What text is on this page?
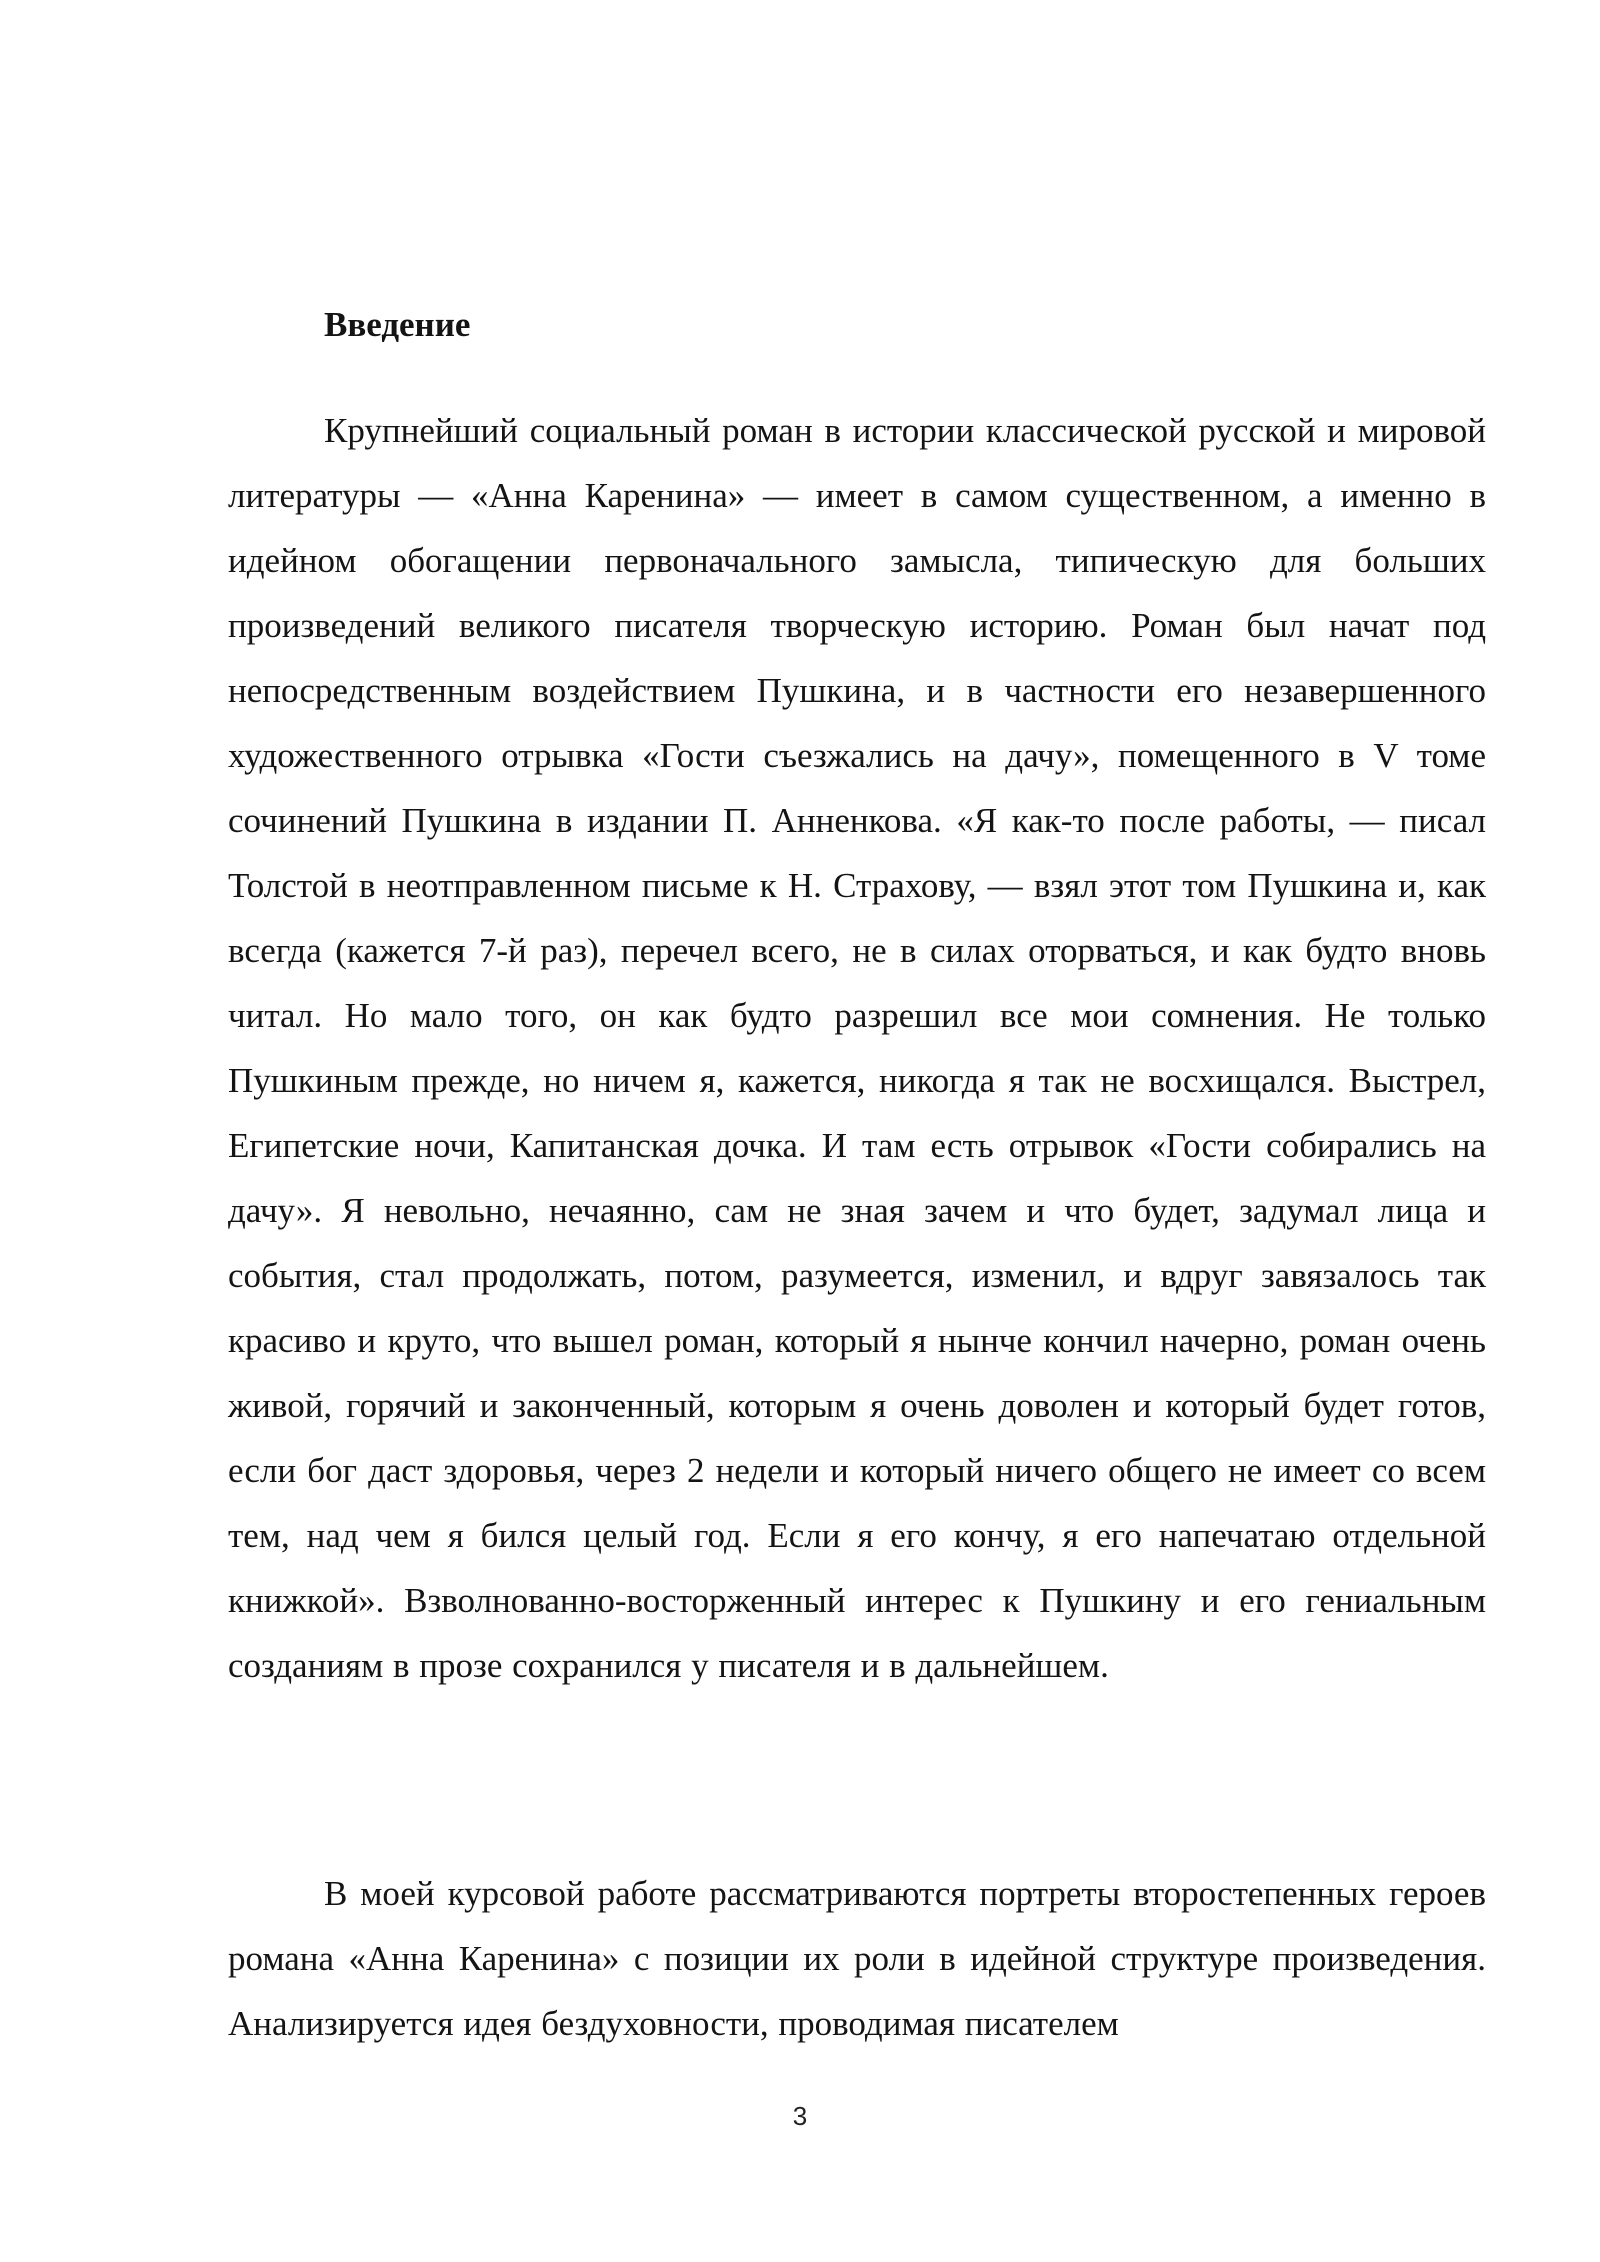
Введение

Крупнейший социальный роман в истории классической русской и мировой литературы — «Анна Каренина» — имеет в самом существенном, а именно в идейном обогащении первоначального замысла, типическую для больших произведений великого писателя творческую историю. Роман был начат под непосредственным воздействием Пушкина, и в частности его незавершенного художественного отрывка «Гости съезжались на дачу», помещенного в V томе сочинений Пушкина в издании П. Анненкова. «Я как-то после работы, — писал Толстой в неотправленном письме к Н. Страхову, — взял этот том Пушкина и, как всегда (кажется 7-й раз), перечел всего, не в силах оторваться, и как будто вновь читал. Но мало того, он как будто разрешил все мои сомнения. Не только Пушкиным прежде, но ничем я, кажется, никогда я так не восхищался. Выстрел, Египетские ночи, Капитанская дочка. И там есть отрывок «Гости собирались на дачу». Я невольно, нечаянно, сам не зная зачем и что будет, задумал лица и события, стал продолжать, потом, разумеется, изменил, и вдруг завязалось так красиво и круто, что вышел роман, который я нынче кончил начерно, роман очень живой, горячий и законченный, которым я очень доволен и который будет готов, если бог даст здоровья, через 2 недели и который ничего общего не имеет со всем тем, над чем я бился целый год. Если я его кончу, я его напечатаю отдельной книжкой». Взволнованно-восторженный интерес к Пушкину и его гениальным созданиям в прозе сохранился у писателя и в дальнейшем.

В моей курсовой работе рассматриваются портреты второстепенных героев романа «Анна Каренина» с позиции их роли в идейной структуре произведения. Анализируется идея бездуховности, проводимая писателем

3
